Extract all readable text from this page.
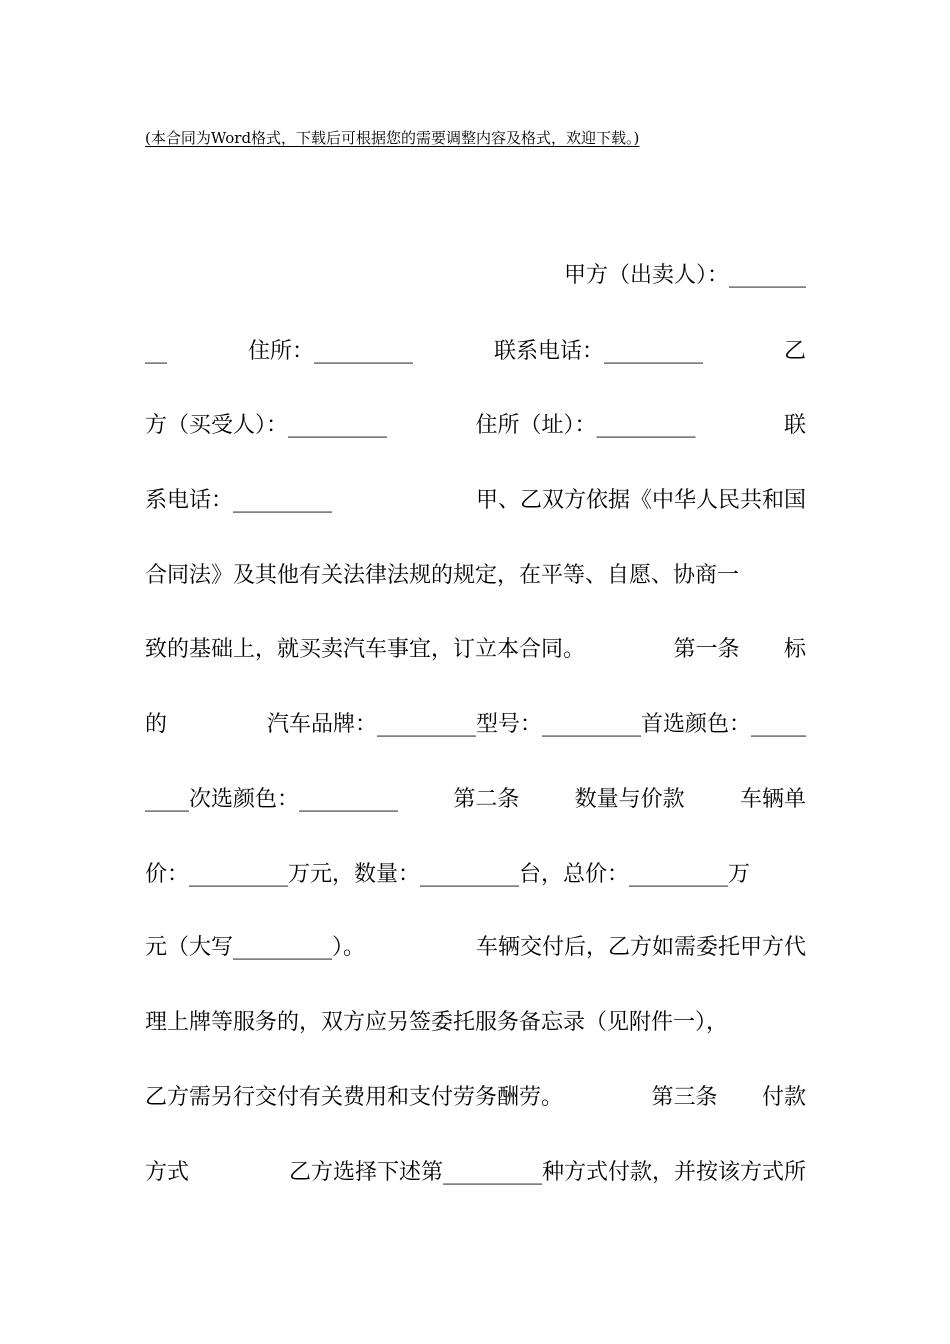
(本合同为Word格式，下载后可根据您的需要调整内容及格式，欢迎下载。)
甲方（出卖人）：_______
__	住所：_________	联系电话：_________	乙
方（买受人）：_________	住所（址）：_________	联
系电话：_________	甲、乙双方依据《中华人民共和国
合同法》及其他有关法律法规的规定，在平等、自愿、协商一
致的基础上，就买卖汽车事宜，订立本合同。	第一条 标
的	汽车品牌：_________型号：_________首选颜色：_____
____次选颜色：_________	第二条	数量与价款	车辆单
价：_________万元，数量：_________台，总价：_________万
元（大写_________）。	车辆交付后，乙方如需委托甲方代
理上牌等服务的，双方应另签委托服务备忘录（见附件一），
乙方需另行交付有关费用和支付劳务酬劳。	第三条 付款
方式	乙方选择下述第_________种方式付款，并按该方式所
